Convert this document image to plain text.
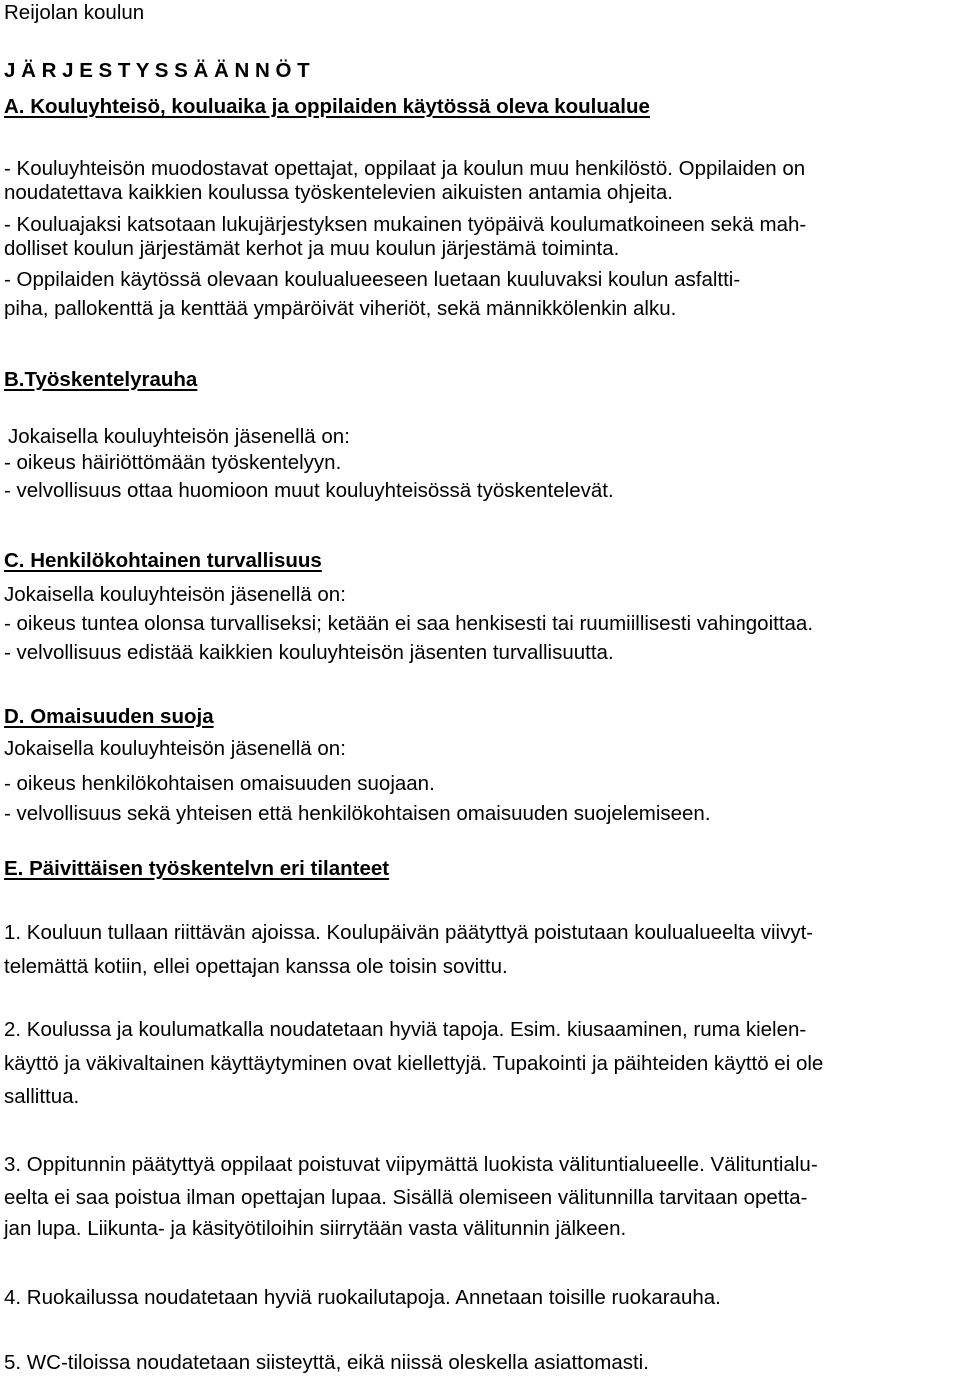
Reijolan koulun
J Ä R J E S T Y S S Ä Ä N N Ö T
A. Kouluyhteisö, kouluaika ja oppilaiden käytössä oleva koulualue
- Kouluyhteisön muodostavat opettajat, oppilaat ja koulun muu henkilöstö. Oppilaiden on
noudatettava kaikkien koulussa työskentelevien aikuisten antamia ohjeita.
- Kouluajaksi katsotaan lukujärjestyksen mukainen työpäivä koulumatkoineen sekä mah-
dolliset koulun järjestämät kerhot ja muu koulun järjestämä toiminta.
- Oppilaiden käytössä olevaan koulualueeseen luetaan kuuluvaksi koulun asfaltti-
piha, pallokenttä ja kenttää ympäröivät viheriöt, sekä männikkölenkin alku.
B.Työskentelyrauha
Jokaisella kouluyhteisön jäsenellä on:
- oikeus häiriöttömään työskentelyyn.
- velvollisuus ottaa huomioon muut kouluyhteisössä työskentelevät.
C. Henkilökohtainen turvallisuus
Jokaisella kouluyhteisön jäsenellä on:
- oikeus tuntea olonsa turvalliseksi; ketään ei saa henkisesti tai ruumiillisesti vahingoittaa.
- velvollisuus edistää kaikkien kouluyhteisön jäsenten turvallisuutta.
D. Omaisuuden suoja
Jokaisella kouluyhteisön jäsenellä on:
- oikeus henkilökohtaisen omaisuuden suojaan.
- velvollisuus sekä yhteisen että henkilökohtaisen omaisuuden suojelemiseen.
E. Päivittäisen työskentelvn eri tilanteet
1. Kouluun tullaan riittävän ajoissa. Koulupäivän päätyttyä poistutaan koulualueelta viivyt-
telemättä kotiin, ellei opettajan kanssa ole toisin sovittu.
2. Koulussa ja koulumatkalla noudatetaan hyviä tapoja. Esim. kiusaaminen, ruma kielen-
käyttö ja väkivaltainen käyttäytyminen ovat kiellettyjä. Tupakointi ja päihteiden käyttö ei ole
sallittua.
3. Oppitunnin päätyttyä oppilaat poistuvat viipymättä luokista välituntialueelle. Välituntialu-
eelta ei saa poistua ilman opettajan lupaa. Sisällä olemiseen välitunnilla tarvitaan opetta-
jan lupa. Liikunta- ja käsityötiloihin siirrytään vasta välitunnin jälkeen.
4. Ruokailussa noudatetaan hyviä ruokailutapoja. Annetaan toisille ruokarauha.
5. WC-tiloissa noudatetaan siisteyttä, eikä niissä oleskella asiattomasti.
